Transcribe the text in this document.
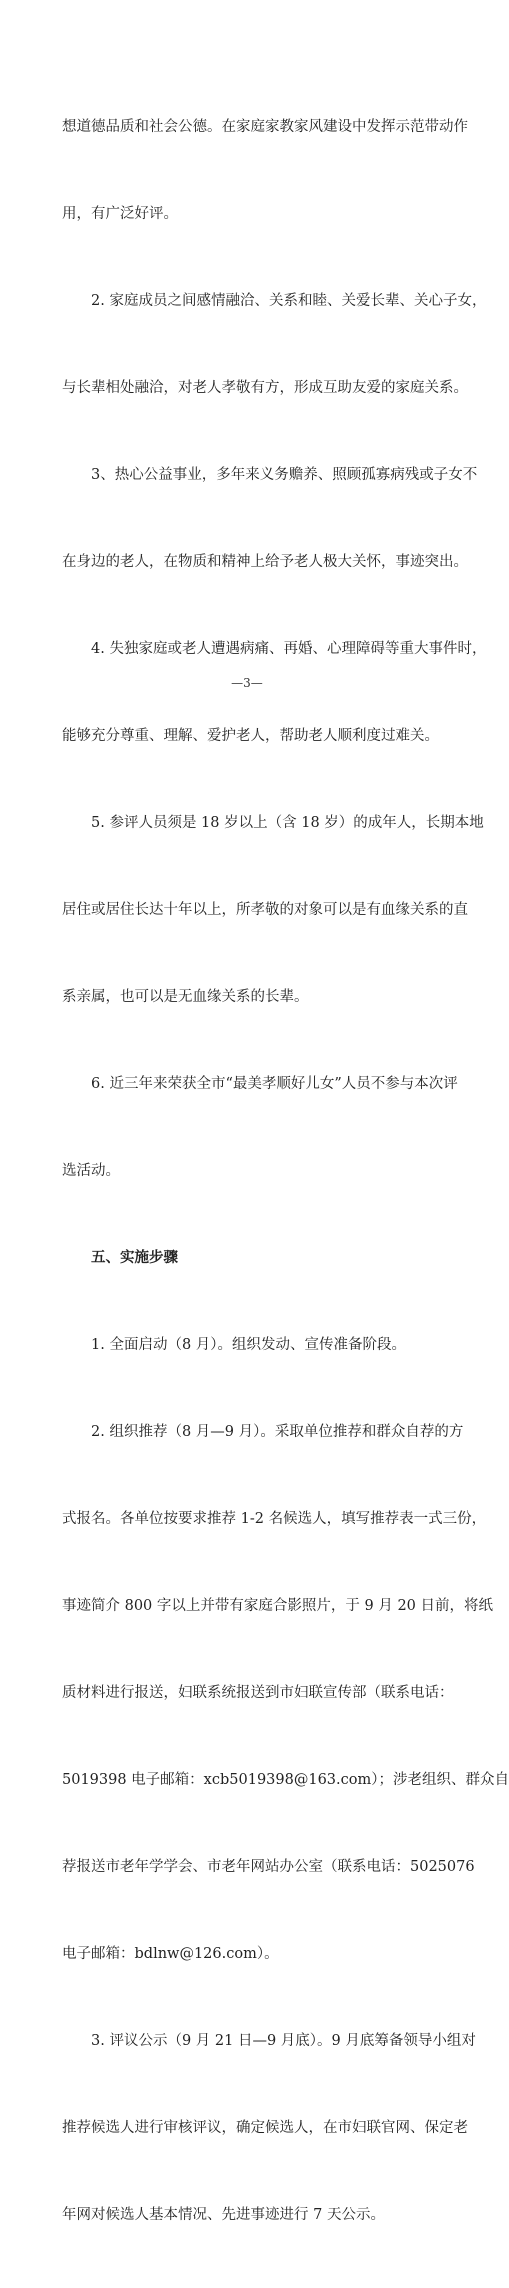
想道德品质和社会公德。在家庭家教家风建设中发挥示范带动作

用，有广泛好评。

2. 家庭成员之间感情融洽、关系和睦、关爱长辈、关心子女，

与长辈相处融洽，对老人孝敬有方，形成互助友爱的家庭关系。

3、热心公益事业，多年来义务赡养、照顾孤寡病残或子女不

在身边的老人，在物质和精神上给予老人极大关怀，事迹突出。

4. 失独家庭或老人遭遇病痛、再婚、心理障碍等重大事件时，

能够充分尊重、理解、爱护老人，帮助老人顺利度过难关。

5. 参评人员须是 18 岁以上（含 18 岁）的成年人，长期本地

居住或居住长达十年以上，所孝敬的对象可以是有血缘关系的直

系亲属，也可以是无血缘关系的长辈。

6. 近三年来荣获全市“最美孝顺好儿女”人员不参与本次评

选活动。

五、实施步骤

1. 全面启动（8 月）。组织发动、宣传准备阶段。

2. 组织推荐（8 月—9 月）。采取单位推荐和群众自荐的方

式报名。各单位按要求推荐 1-2 名候选人，填写推荐表一式三份，

事迹简介 800 字以上并带有家庭合影照片，于 9 月 20 日前，将纸

质材料进行报送，妇联系统报送到市妇联宣传部（联系电话：

5019398 电子邮箱：xcb5019398@163.com）；涉老组织、群众自

荐报送市老年学学会、市老年网站办公室（联系电话：5025076

电子邮箱：bdlnw@126.com）。

3. 评议公示（9 月 21 日—9 月底）。9 月底筹备领导小组对

推荐候选人进行审核评议，确定候选人，在市妇联官网、保定老

年网对候选人基本情况、先进事迹进行 7 天公示。

—3—
